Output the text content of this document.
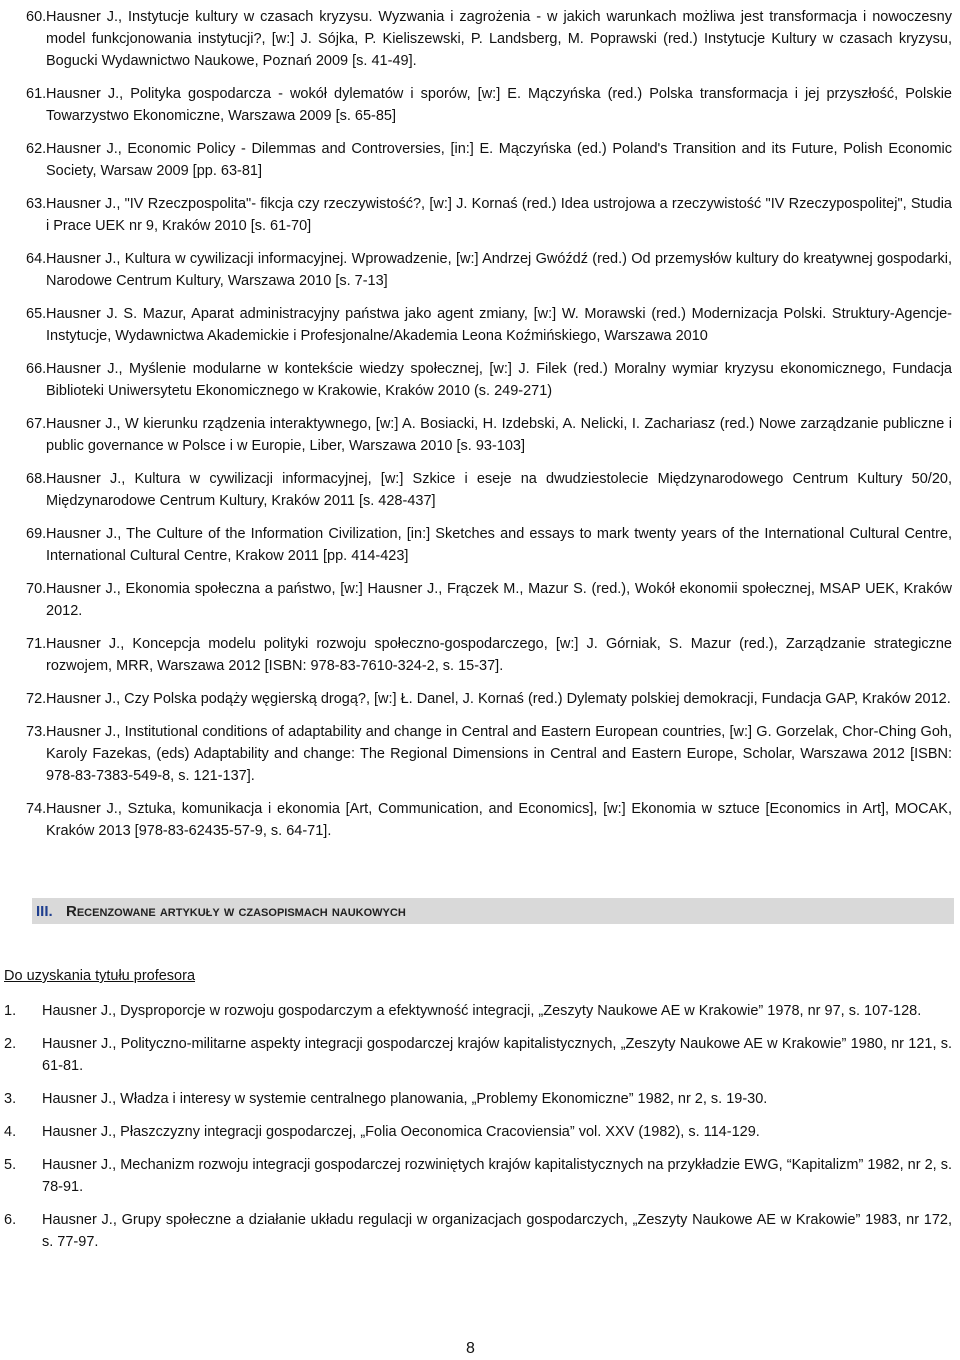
60. Hausner J., Instytucje kultury w czasach kryzysu. Wyzwania i zagrożenia - w jakich warunkach możliwa jest transformacja i nowoczesny model funkcjonowania instytucji?, [w:] J. Sójka, P. Kieliszewski, P. Landsberg, M. Poprawski (red.) Instytucje Kultury w czasach kryzysu, Bogucki Wydawnictwo Naukowe, Poznań 2009 [s. 41-49].
61. Hausner J., Polityka gospodarcza - wokół dylematów i sporów, [w:] E. Mączyńska (red.) Polska transformacja i jej przyszłość, Polskie Towarzystwo Ekonomiczne, Warszawa 2009 [s. 65-85]
62. Hausner J., Economic Policy - Dilemmas and Controversies, [in:] E. Mączyńska (ed.) Poland's Transition and its Future, Polish Economic Society, Warsaw 2009 [pp. 63-81]
63. Hausner J., "IV Rzeczpospolita"- fikcja czy rzeczywistość?, [w:] J. Kornaś (red.) Idea ustrojowa a rzeczywistość "IV Rzeczypospolitej", Studia i Prace UEK nr 9, Kraków 2010 [s. 61-70]
64. Hausner J., Kultura w cywilizacji informacyjnej. Wprowadzenie, [w:] Andrzej Gwóźdź (red.) Od przemysłów kultury do kreatywnej gospodarki, Narodowe Centrum Kultury, Warszawa 2010 [s. 7-13]
65. Hausner J. S. Mazur, Aparat administracyjny państwa jako agent zmiany, [w:] W. Morawski (red.) Modernizacja Polski. Struktury-Agencje-Instytucje, Wydawnictwa Akademickie i Profesjonalne/Akademia Leona Koźmińskiego, Warszawa 2010
66. Hausner J., Myślenie modularne w kontekście wiedzy społecznej, [w:] J. Filek (red.) Moralny wymiar kryzysu ekonomicznego, Fundacja Biblioteki Uniwersytetu Ekonomicznego w Krakowie, Kraków 2010 (s. 249-271)
67. Hausner J., W kierunku rządzenia interaktywnego, [w:] A. Bosiacki, H. Izdebski, A. Nelicki, I. Zachariasz (red.) Nowe zarządzanie publiczne i public governance w Polsce i w Europie, Liber, Warszawa 2010 [s. 93-103]
68. Hausner J., Kultura w cywilizacji informacyjnej, [w:] Szkice i eseje na dwudziestolecie Międzynarodowego Centrum Kultury 50/20, Międzynarodowe Centrum Kultury, Kraków 2011 [s. 428-437]
69. Hausner J., The Culture of the Information Civilization, [in:] Sketches and essays to mark twenty years of the International Cultural Centre, International Cultural Centre, Krakow 2011 [pp. 414-423]
70. Hausner J., Ekonomia społeczna a państwo, [w:] Hausner J., Frączek M., Mazur S. (red.), Wokół ekonomii społecznej, MSAP UEK, Kraków 2012.
71. Hausner J., Koncepcja modelu polityki rozwoju społeczno-gospodarczego, [w:] J. Górniak, S. Mazur (red.), Zarządzanie strategiczne rozwojem, MRR, Warszawa 2012 [ISBN: 978-83-7610-324-2, s. 15-37].
72. Hausner J., Czy Polska podąży węgierską drogą?, [w:] Ł. Danel, J. Kornaś (red.) Dylematy polskiej demokracji, Fundacja GAP, Kraków 2012.
73. Hausner J., Institutional conditions of adaptability and change in Central and Eastern European countries, [w:] G. Gorzelak, Chor-Ching Goh, Karoly Fazekas, (eds) Adaptability and change: The Regional Dimensions in Central and Eastern Europe, Scholar, Warszawa 2012 [ISBN: 978-83-7383-549-8, s. 121-137].
74. Hausner J., Sztuka, komunikacja i ekonomia [Art, Communication, and Economics], [w:] Ekonomia w sztuce [Economics in Art], MOCAK, Kraków 2013 [978-83-62435-57-9, s. 64-71].
III. Recenzowane artykuły w czasopismach naukowych
Do uzyskania tytułu profesora
1.	Hausner J., Dysproporcje w rozwoju gospodarczym a efektywność integracji, „Zeszyty Naukowe AE w Krakowie” 1978, nr 97, s. 107-128.
2.	Hausner J., Polityczno-militarne aspekty integracji gospodarczej krajów kapitalistycznych, „Zeszyty Naukowe AE w Krakowie” 1980, nr 121, s. 61-81.
3.	Hausner J., Władza i interesy w systemie centralnego planowania, „Problemy Ekonomiczne” 1982, nr 2, s. 19-30.
4.	Hausner J., Płaszczyzny integracji gospodarczej, „Folia Oeconomica Cracoviensia” vol. XXV (1982), s. 114-129.
5.	Hausner J., Mechanizm rozwoju integracji gospodarczej rozwiniętych krajów kapitalistycznych na przykładzie EWG, “Kapitalizm” 1982, nr 2, s. 78-91.
6.	Hausner J., Grupy społeczne a działanie układu regulacji w organizacjach gospodarczych, „Zeszyty Naukowe AE w Krakowie” 1983, nr 172, s. 77-97.
8
